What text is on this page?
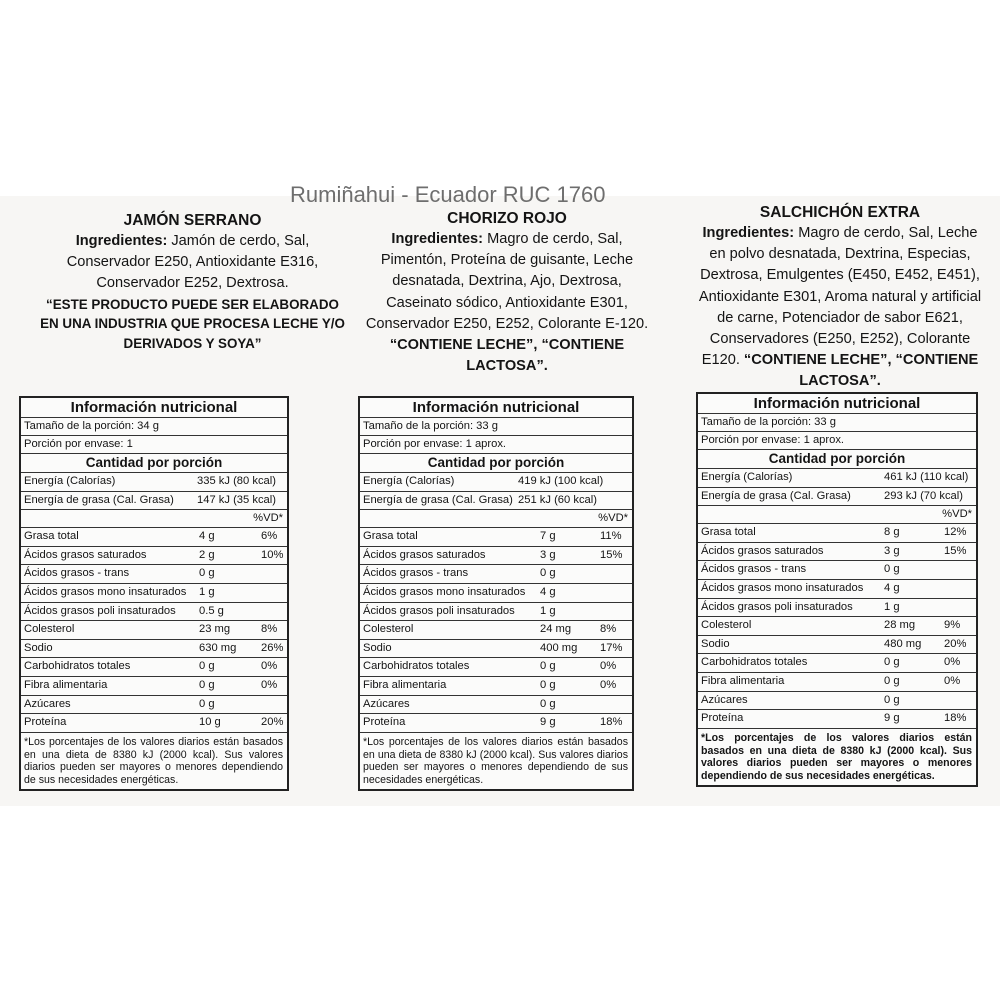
Rumiñahui - Ecuador RUC 1760

JAMÓN SERRANO

Ingredientes: Jamón de cerdo, Sal, Conservador E250, Antioxidante E316, Conservador E252, Dextrosa.

“ESTE PRODUCTO PUEDE SER ELABORADO EN UNA INDUSTRIA QUE PROCESA LECHE Y/O DERIVADOS Y SOYA”

CHORIZO ROJO

Ingredientes: Magro de cerdo, Sal, Pimentón, Proteína de guisante, Leche desnatada, Dextrina, Ajo, Dextrosa, Caseinato sódico, Antioxidante E301, Conservador E250, E252, Colorante E-120. “CONTIENE LECHE”, “CONTIENE LACTOSA”.

SALCHICHÓN EXTRA

Ingredientes: Magro de cerdo, Sal, Leche en polvo desnatada, Dextrina, Especias, Dextrosa, Emulgentes (E450, E452, E451), Antioxidante E301, Aroma natural y artificial de carne, Potenciador de sabor E621, Conservadores (E250, E252), Colorante E120. “CONTIENE LECHE”, “CONTIENE LACTOSA”.

Información nutricional
Tamaño de la porción: 34 g
Porción por envase: 1
Cantidad por porción
Energía (Calorías)	335 kJ (80 kcal)
Energía de grasa (Cal. Grasa) 147 kJ (35 kcal)
%VD*
Grasa total	4 g	6%
Ácidos grasos saturados	2 g	10%
Ácidos grasos - trans	0 g
Ácidos grasos mono insaturados 1 g
Ácidos grasos poli insaturados 0.5 g
Colesterol	23 mg	8%
Sodio	630 mg 26%
Carbohidratos totales	0 g	0%
Fibra alimentaria	0 g	0%
Azúcares	0 g
Proteína	10 g	20%
*Los porcentajes de los valores diarios están basados en una dieta de 8380 kJ (2000 kcal). Sus valores diarios pueden ser mayores o menores dependiendo de sus necesidades energéticas.
Información nutricional
Tamaño de la porción: 33 g
Porción por envase: 1 aprox.
Cantidad por porción
Energía (Calorías)	419 kJ (100 kcal)
Energía de grasa (Cal. Grasa) 251 kJ (60 kcal)
%VD*
Grasa total	7 g	11%
Ácidos grasos saturados	3 g	15%
Ácidos grasos - trans	0 g
Ácidos grasos mono insaturados 4 g
Ácidos grasos poli insaturados 1 g
Colesterol	24 mg	8%
Sodio	400 mg 17%
Carbohidratos totales	0 g	0%
Fibra alimentaria	0 g	0%
Azúcares	0 g
Proteína	9 g	18%
*Los porcentajes de los valores diarios están basados en una dieta de 8380 kJ (2000 kcal). Sus valores diarios pueden ser mayores o menores dependiendo de sus necesidades energéticas.
Información nutricional
Tamaño de la porción: 33 g
Porción por envase: 1 aprox.
Cantidad por porción
Energía (Calorías)	461 kJ (110 kcal)
Energía de grasa (Cal. Grasa)	293 kJ (70 kcal)
%VD*
Grasa total	8 g	12%
Ácidos grasos saturados	3 g	15%
Ácidos grasos - trans	0 g
Ácidos grasos mono insaturados 4 g
Ácidos grasos poli insaturados	1 g
Colesterol	28 mg	9%
Sodio	480 mg 20%
Carbohidratos totales	0 g	0%
Fibra alimentaria	0 g	0%
Azúcares	0 g
Proteína	9 g	18%
*Los porcentajes de los valores diarios están basados en una dieta de 8380 kJ (2000 kcal). Sus valores diarios pueden ser mayores o menores dependiendo de sus necesidades energéticas.
